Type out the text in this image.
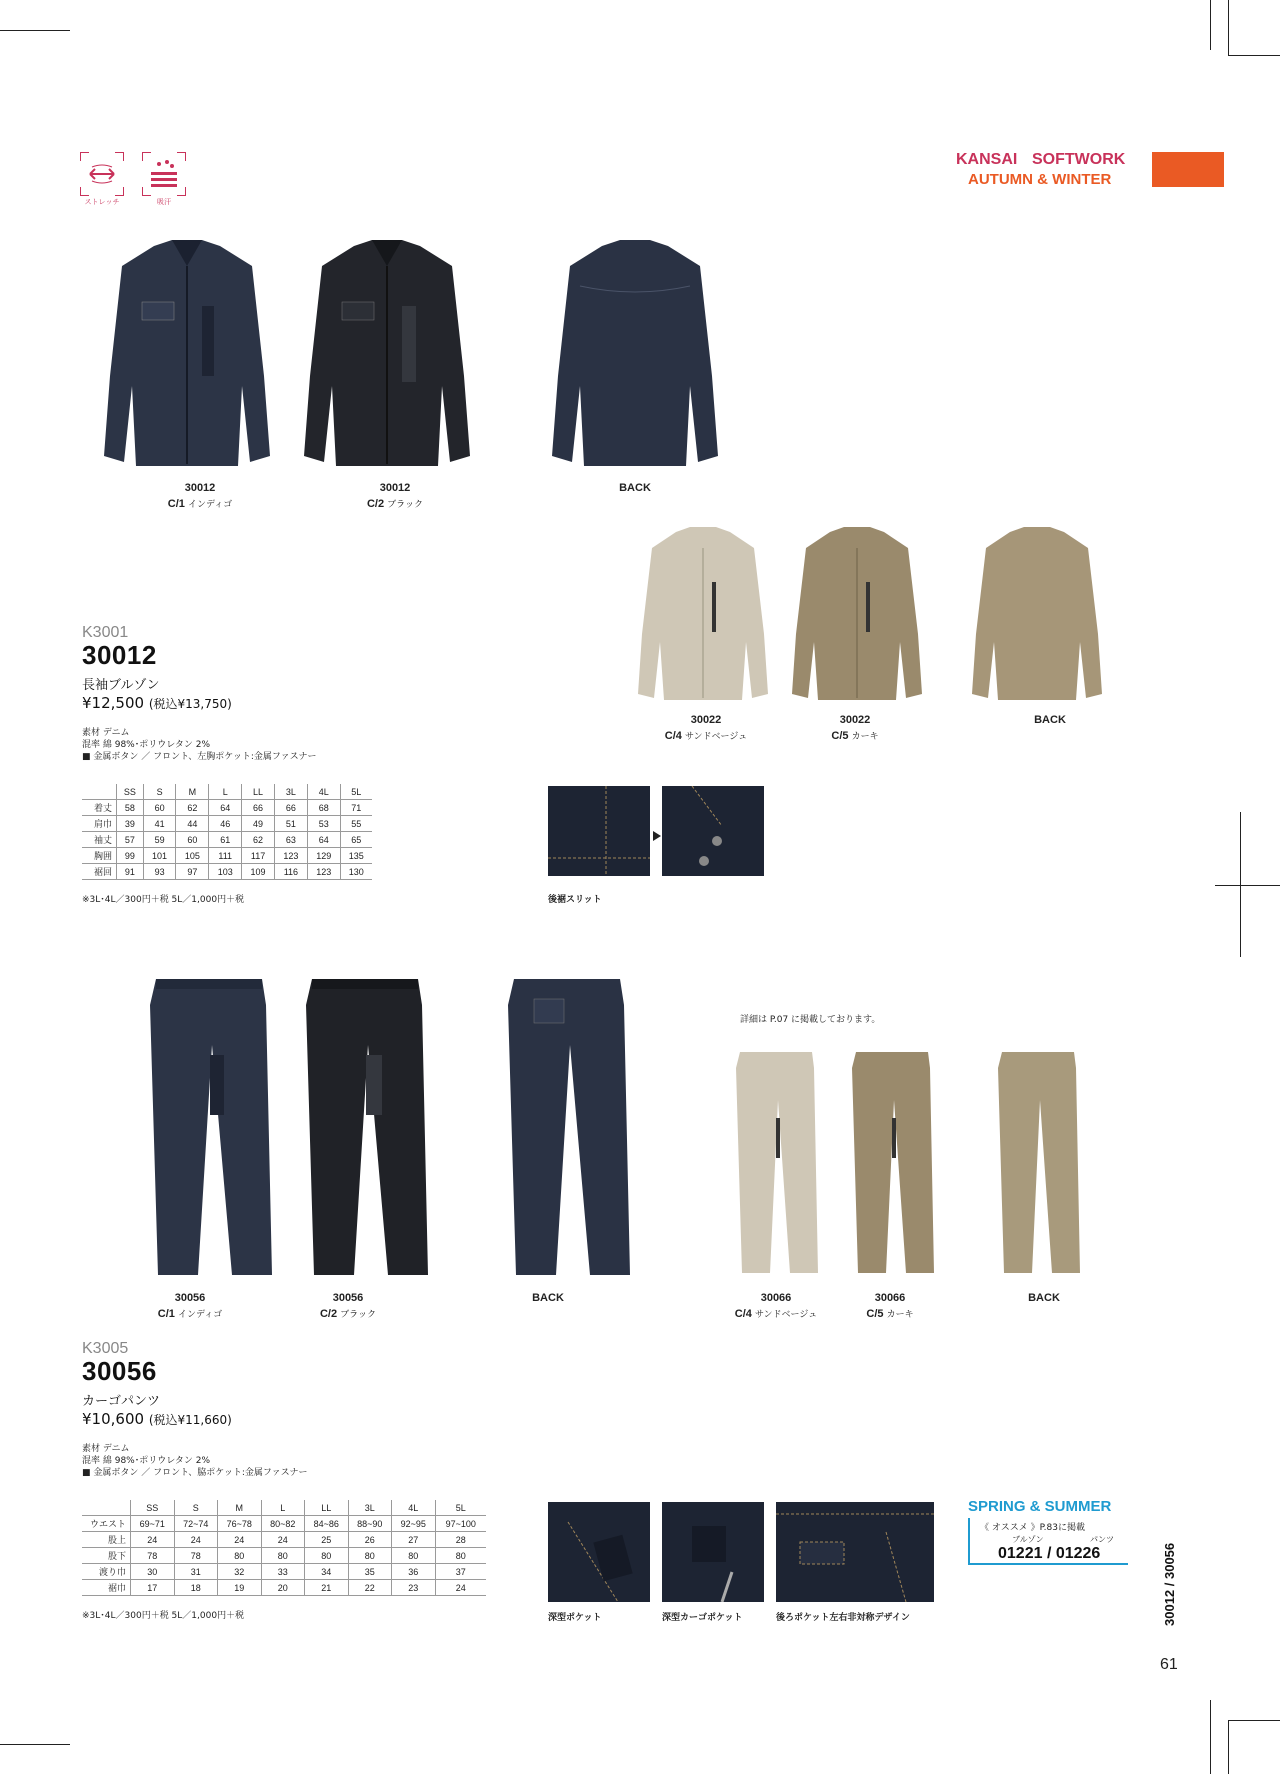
ストレッチ	吸汗
KANSAI SOFTWORK
AUTUMN & WINTER
30012
C/1 インディゴ
30012
C/2 ブラック
BACK
30022
C/4 サンドベージュ
30022
C/5 カーキ
BACK
K3001
30012
長袖ブルゾン
¥12,500 (税込¥13,750)
素材 デニム
混率 綿 98%･ポリウレタン 2%
■ 金属ボタン ／ フロント、左胸ポケット:金属ファスナー
	SS	S	M	L	LL	3L	4L	5L
着丈	58	60	62	64	66	66	68	71
肩巾	39	41	44	46	49	51	53	55
袖丈	57	59	60	61	62	63	64	65
胸囲	99	101	105	111	117	123	129	135
裾回	91	93	97	103	109	116	123	130
※3L･4L／300円＋税 5L／1,000円＋税	後裾スリット
30056
C/1 インディゴ
30056
C/2 ブラック
BACK
詳細は P.07 に掲載しております。
30066
C/4 サンドベージュ
30066
C/5 カーキ
BACK
K3005
30056
カーゴパンツ
¥10,600 (税込¥11,660)
素材 デニム
混率 綿 98%･ポリウレタン 2%
■ 金属ボタン ／ フロント、脇ポケット:金属ファスナー
	SS	S	M	L	LL	3L	4L	5L
ウエスト	69~71	72~74	76~78	80~82	84~86	88~90	92~95	97~100
股上	24	24	24	24	25	26	27	28
股下	78	78	80	80	80	80	80	80
渡り巾	30	31	32	33	34	35	36	37
裾巾	17	18	19	20	21	22	23	24
※3L･4L／300円＋税 5L／1,000円＋税	深型ポケット	深型カーゴポケット	後ろポケット左右非対称デザイン
SPRING & SUMMER
《 オススメ 》P.83に掲載
ブルゾン	パンツ
01221 / 01226	30012 / 30056
61
